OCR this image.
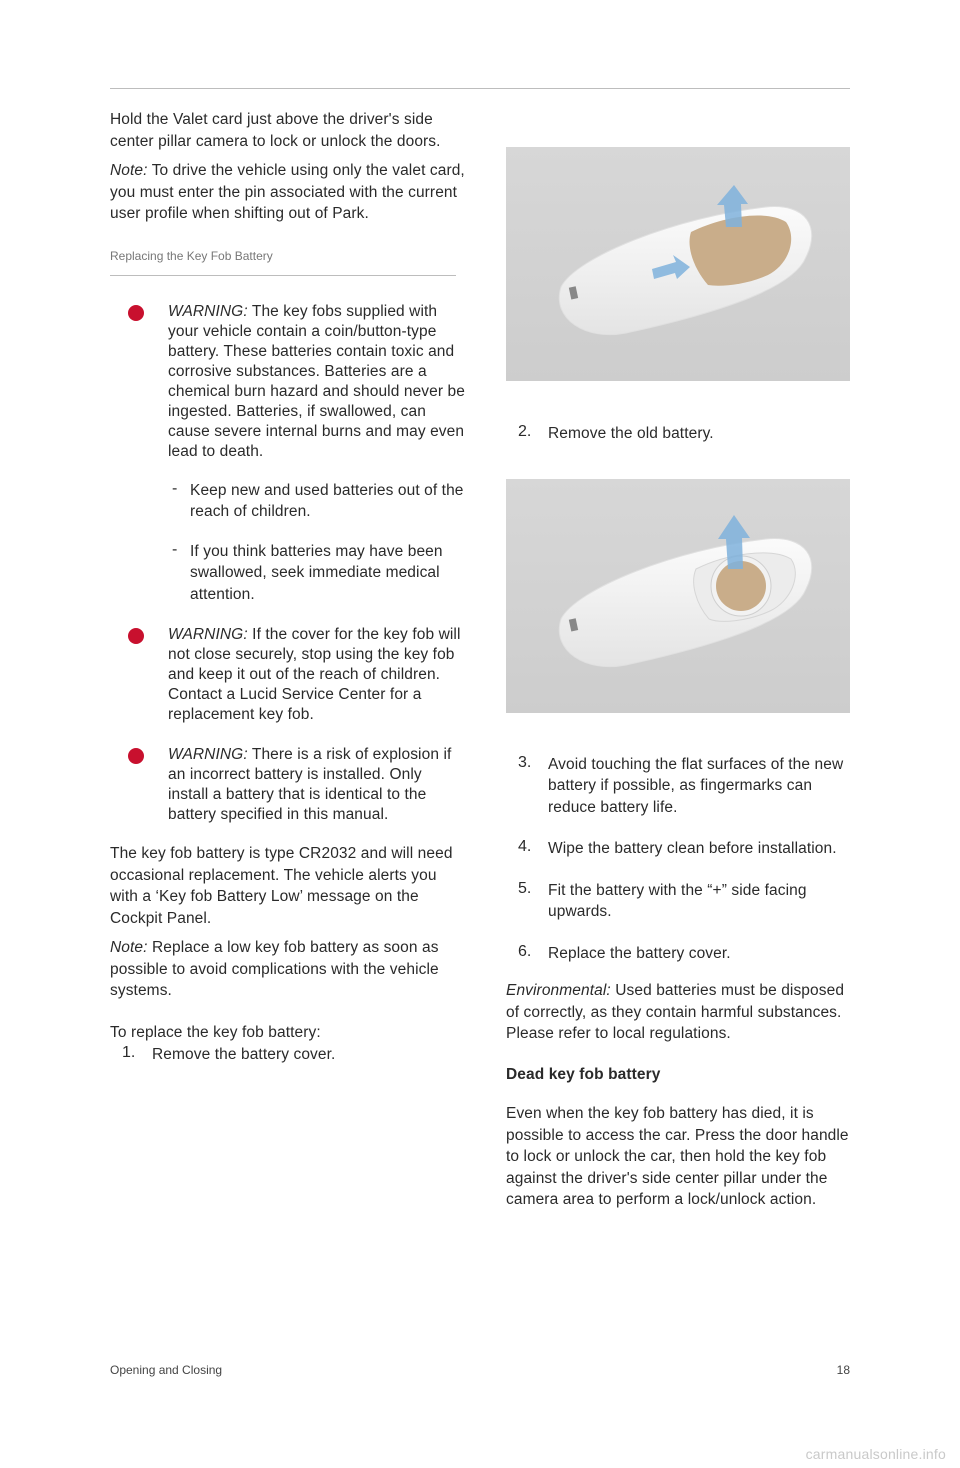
Hold the Valet card just above the driver's side center pillar camera to lock or unlock the doors.

Note: To drive the vehicle using only the valet card, you must enter the pin associated with the current user profile when shifting out of Park.

Replacing the Key Fob Battery

WARNING: The key fobs supplied with your vehicle contain a coin/button-type battery. These batteries contain toxic and corrosive substances. Batteries are a chemical burn hazard and should never be ingested. Batteries, if swallowed, can cause severe internal burns and may even lead to death.

- Keep new and used batteries out of the reach of children.

- If you think batteries may have been swallowed, seek immediate medical attention.

WARNING: If the cover for the key fob will not close securely, stop using the key fob and keep it out of the reach of children. Contact a Lucid Service Center for a replacement key fob.

WARNING: There is a risk of explosion if an incorrect battery is installed. Only install a battery that is identical to the battery specified in this manual.

The key fob battery is type CR2032 and will need occasional replacement. The vehicle alerts you with a ‘Key fob Battery Low’ message on the Cockpit Panel.

Note: Replace a low key fob battery as soon as possible to avoid complications with the vehicle systems.

To replace the key fob battery:

1. Remove the battery cover.

2. Remove the old battery.

3. Avoid touching the flat surfaces of the new battery if possible, as fingermarks can reduce battery life.

4. Wipe the battery clean before installation.

5. Fit the battery with the “+” side facing upwards.

6. Replace the battery cover.

Environmental: Used batteries must be disposed of correctly, as they contain harmful substances. Please refer to local regulations.

Dead key fob battery

Even when the key fob battery has died, it is possible to access the car. Press the door handle to lock or unlock the car, then hold the key fob against the driver's side center pillar under the camera area to perform a lock/unlock action.

Opening and Closing	18
carmanualsonline.info
